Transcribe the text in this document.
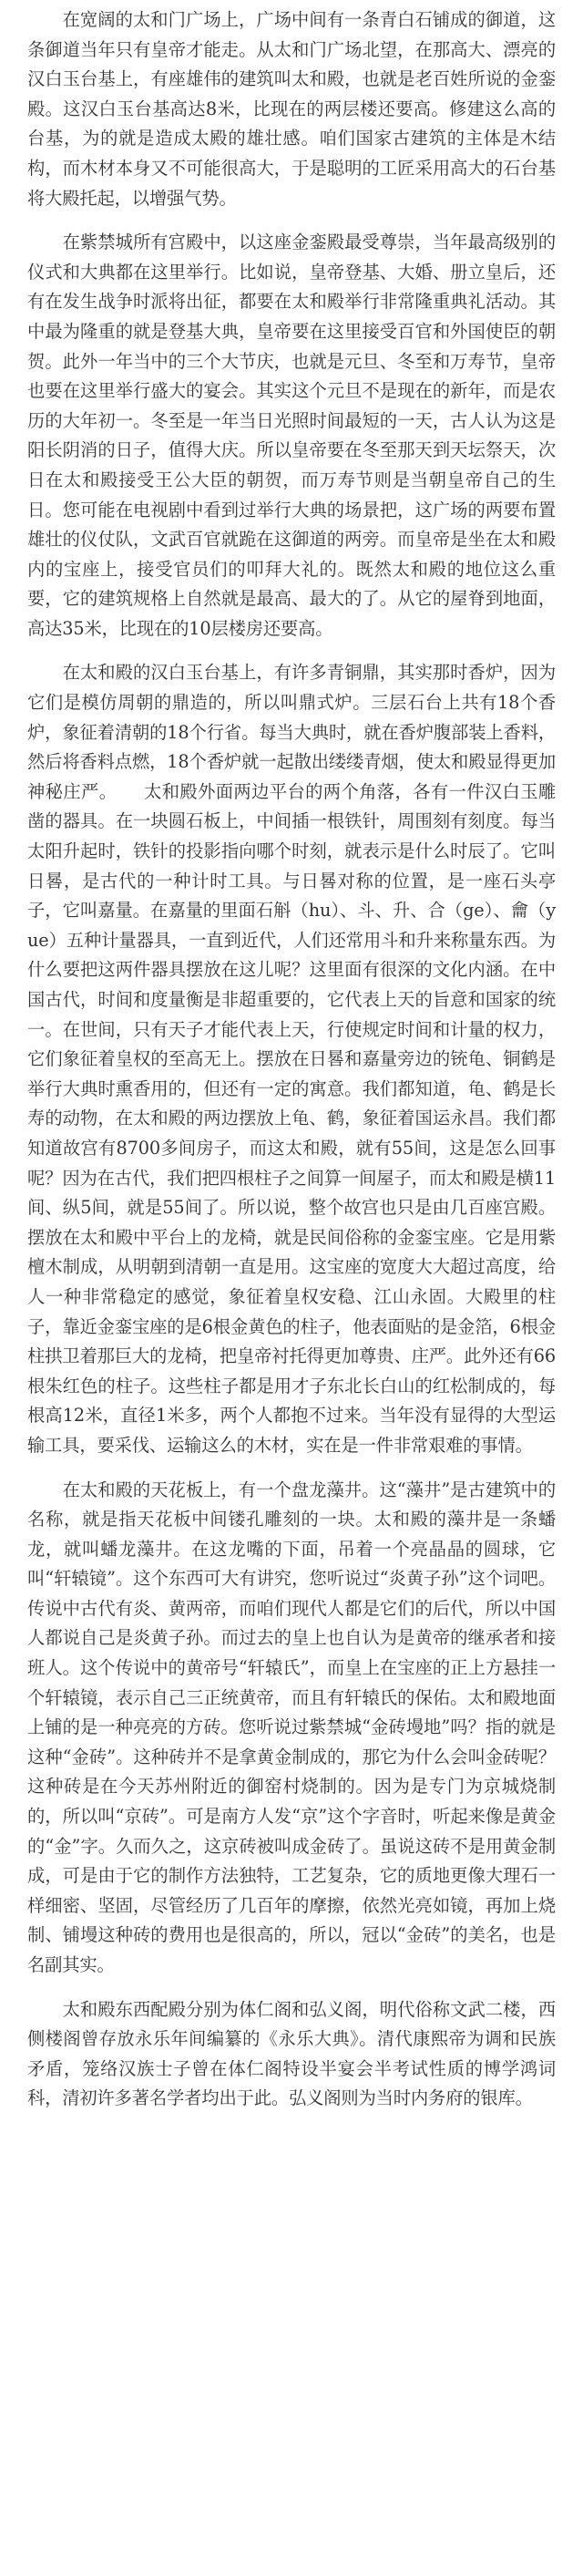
在宽阔的太和门广场上，广场中间有一条青白石铺成的御道，这条御道当年只有皇帝才能走。从太和门广场北望，在那高大、漂亮的汉白玉台基上，有座雄伟的建筑叫太和殿，也就是老百姓所说的金銮殿。这汉白玉台基高达8米，比现在的两层楼还要高。修建这么高的台基，为的就是造成太殿的雄壮感。咱们国家古建筑的主体是木结构，而木材本身又不可能很高大，于是聪明的工匠采用高大的石台基将大殿托起，以增强气势。

在紫禁城所有宫殿中，以这座金銮殿最受尊崇，当年最高级别的仪式和大典都在这里举行。比如说，皇帝登基、大婚、册立皇后，还有在发生战争时派将出征，都要在太和殿举行非常隆重典礼活动。其中最为隆重的就是登基大典，皇帝要在这里接受百官和外国使臣的朝贺。此外一年当中的三个大节庆，也就是元旦、冬至和万寿节，皇帝也要在这里举行盛大的宴会。其实这个元旦不是现在的新年，而是农历的大年初一。冬至是一年当日光照时间最短的一天，古人认为这是阳长阴消的日子，值得大庆。所以皇帝要在冬至那天到天坛祭天，次日在太和殿接受王公大臣的朝贺，而万寿节则是当朝皇帝自己的生日。您可能在电视剧中看到过举行大典的场景把，这广场的两要布置雄壮的仪仗队，文武百官就跪在这御道的两旁。而皇帝是坐在太和殿内的宝座上，接受官员们的叩拜大礼的。既然太和殿的地位这么重要，它的建筑规格上自然就是最高、最大的了。从它的屋脊到地面，高达35米，比现在的10层楼房还要高。

在太和殿的汉白玉台基上，有许多青铜鼎，其实那时香炉，因为它们是模仿周朝的鼎造的，所以叫鼎式炉。三层石台上共有18个香炉，象征着清朝的18个行省。每当大典时，就在香炉腹部装上香料，然后将香料点燃，18个香炉就一起散出缕缕青烟，使太和殿显得更加神秘庄严。　　太和殿外面两边平台的两个角落，各有一件汉白玉雕凿的器具。在一块圆石板上，中间插一根铁针，周围刻有刻度。每当太阳升起时，铁针的投影指向哪个时刻，就表示是什么时辰了。它叫日晷，是古代的一种计时工具。与日晷对称的位置，是一座石头亭子，它叫嘉量。在嘉量的里面石斛（hu）、斗、升、合（ge）、龠（yue）五种计量器具，一直到近代，人们还常用斗和升来称量东西。为什么要把这两件器具摆放在这儿呢？这里面有很深的文化内涵。在中国古代，时间和度量衡是非超重要的，它代表上天的旨意和国家的统一。在世间，只有天子才能代表上天，行使规定时间和计量的权力，它们象征着皇权的至高无上。摆放在日晷和嘉量旁边的铳龟、铜鹤是举行大典时熏香用的，但还有一定的寓意。我们都知道，龟、鹤是长寿的动物，在太和殿的两边摆放上龟、鹤，象征着国运永昌。我们都知道故宫有8700多间房子，而这太和殿，就有55间，这是怎么回事呢？因为在古代，我们把四根柱子之间算一间屋子，而太和殿是横11间、纵5间，就是55间了。所以说，整个故宫也只是由几百座宫殿。摆放在太和殿中平台上的龙椅，就是民间俗称的金銮宝座。它是用紫檀木制成，从明朝到清朝一直是用。这宝座的宽度大大超过高度，给人一种非常稳定的感觉，象征着皇权安稳、江山永固。大殿里的柱子，靠近金銮宝座的是6根金黄色的柱子，他表面贴的是金箔，6根金柱拱卫着那巨大的龙椅，把皇帝衬托得更加尊贵、庄严。此外还有66根朱红色的柱子。这些柱子都是用才子东北长白山的红松制成的，每根高12米，直径1米多，两个人都抱不过来。当年没有显得的大型运输工具，要采伐、运输这么的木材，实在是一件非常艰难的事情。

在太和殿的天花板上，有一个盘龙藻井。这“藻井”是古建筑中的名称，就是指天花板中间镂孔雕刻的一块。太和殿的藻井是一条蟠龙，就叫蟠龙藻井。在这龙嘴的下面，吊着一个亮晶晶的圆球，它叫“轩辕镜”。这个东西可大有讲究，您听说过“炎黄子孙”这个词吧。传说中古代有炎、黄两帝，而咱们现代人都是它们的后代，所以中国人都说自己是炎黄子孙。而过去的皇上也自认为是黄帝的继承者和接班人。这个传说中的黄帝号“轩辕氏”，而皇上在宝座的正上方悬挂一个轩辕镜，表示自己三正统黄帝，而且有轩辕氏的保佑。太和殿地面上铺的是一种亮亮的方砖。您听说过紫禁城“金砖墁地”吗？指的就是这种“金砖”。这种砖并不是拿黄金制成的，那它为什么会叫金砖呢？这种砖是在今天苏州附近的御窑村烧制的。因为是专门为京城烧制的，所以叫“京砖”。可是南方人发“京”这个字音时，听起来像是黄金的“金”字。久而久之，这京砖被叫成金砖了。虽说这砖不是用黄金制成，可是由于它的制作方法独特，工艺复杂，它的质地更像大理石一样细密、坚固，尽管经历了几百年的摩擦，依然光亮如镜，再加上烧制、铺墁这种砖的费用也是很高的，所以，冠以“金砖”的美名，也是名副其实。

太和殿东西配殿分别为体仁阁和弘义阁，明代俗称文武二楼，西侧楼阁曾存放永乐年间编纂的《永乐大典》。清代康熙帝为调和民族矛盾，笼络汉族士子曾在体仁阁特设半宴会半考试性质的博学鸿词科，清初许多著名学者均出于此。弘义阁则为当时内务府的银库。
